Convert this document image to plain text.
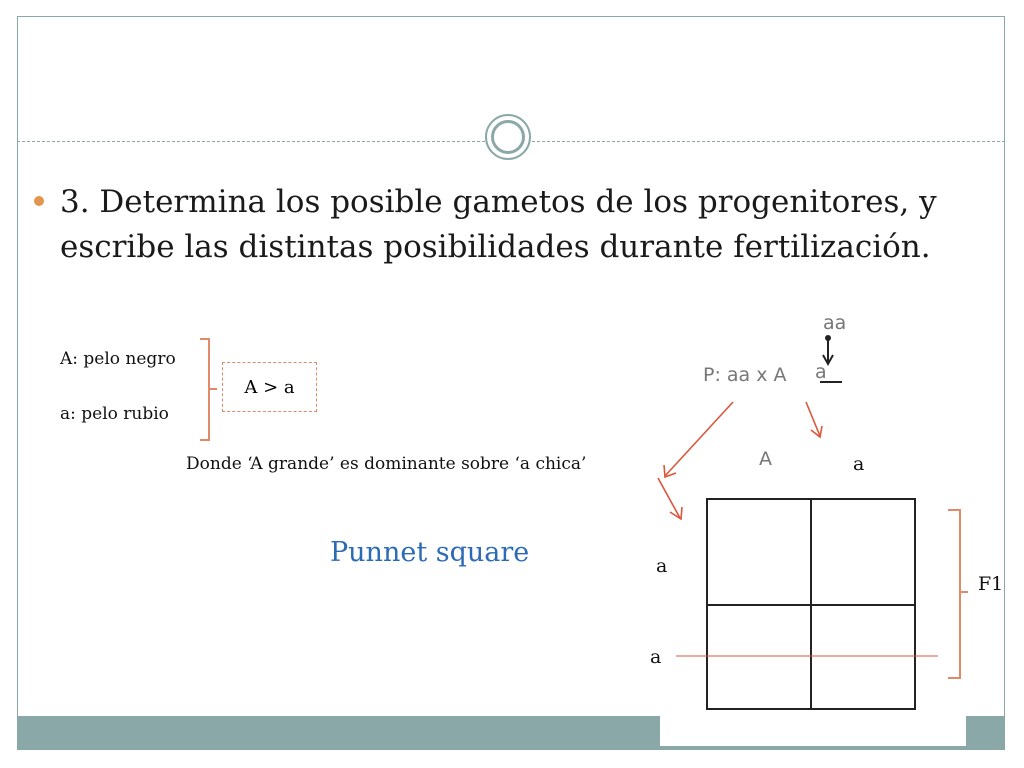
3. Determina los posible gametos de los progenitores, y escribe las distintas posibilidades durante fertilización.

A: pelo negro
a: pelo rubio
A > a
Donde ‘A grande’ es dominante sobre ‘a chica’
Punnet square
aa
P: aa x A a
A	a
a
a
F1
